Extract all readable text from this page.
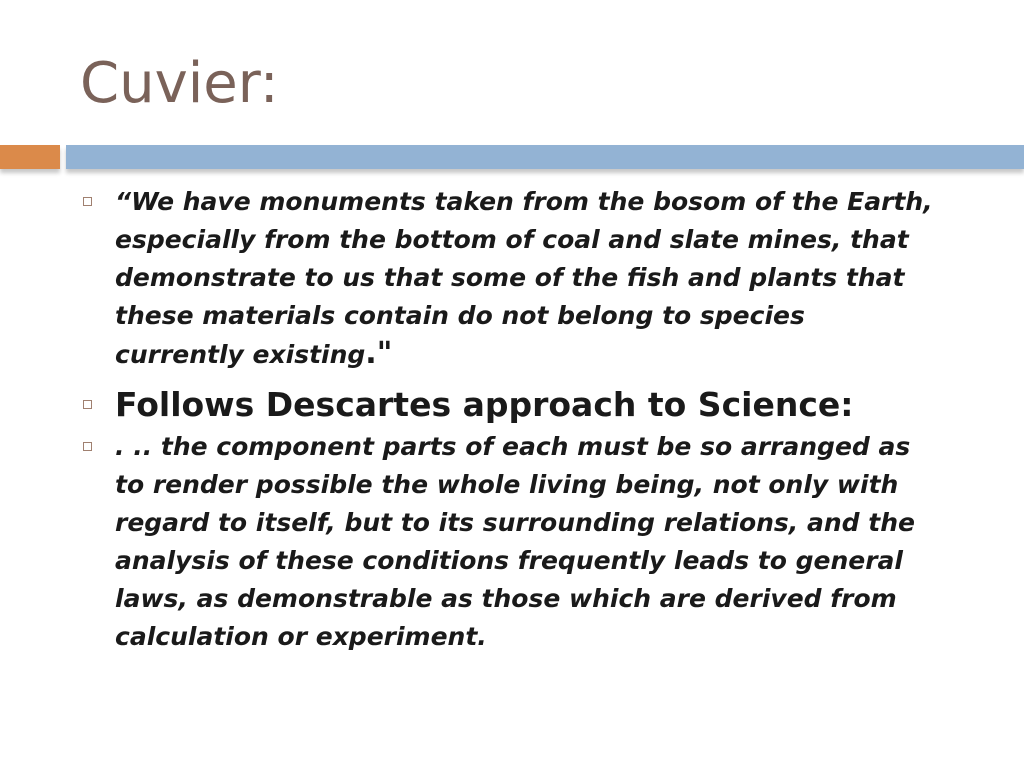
Cuvier:
“We have monuments taken from the bosom of the Earth,
especially from the bottom of coal and slate mines, that
demonstrate to us that some of the fish and plants that
these materials contain do not belong to species
currently existing."
Follows Descartes approach to Science:
. .. the component parts of each must be so arranged as
to render possible the whole living being, not only with
regard to itself, but to its surrounding relations, and the
analysis of these conditions frequently leads to general
laws, as demonstrable as those which are derived from
calculation or experiment.
